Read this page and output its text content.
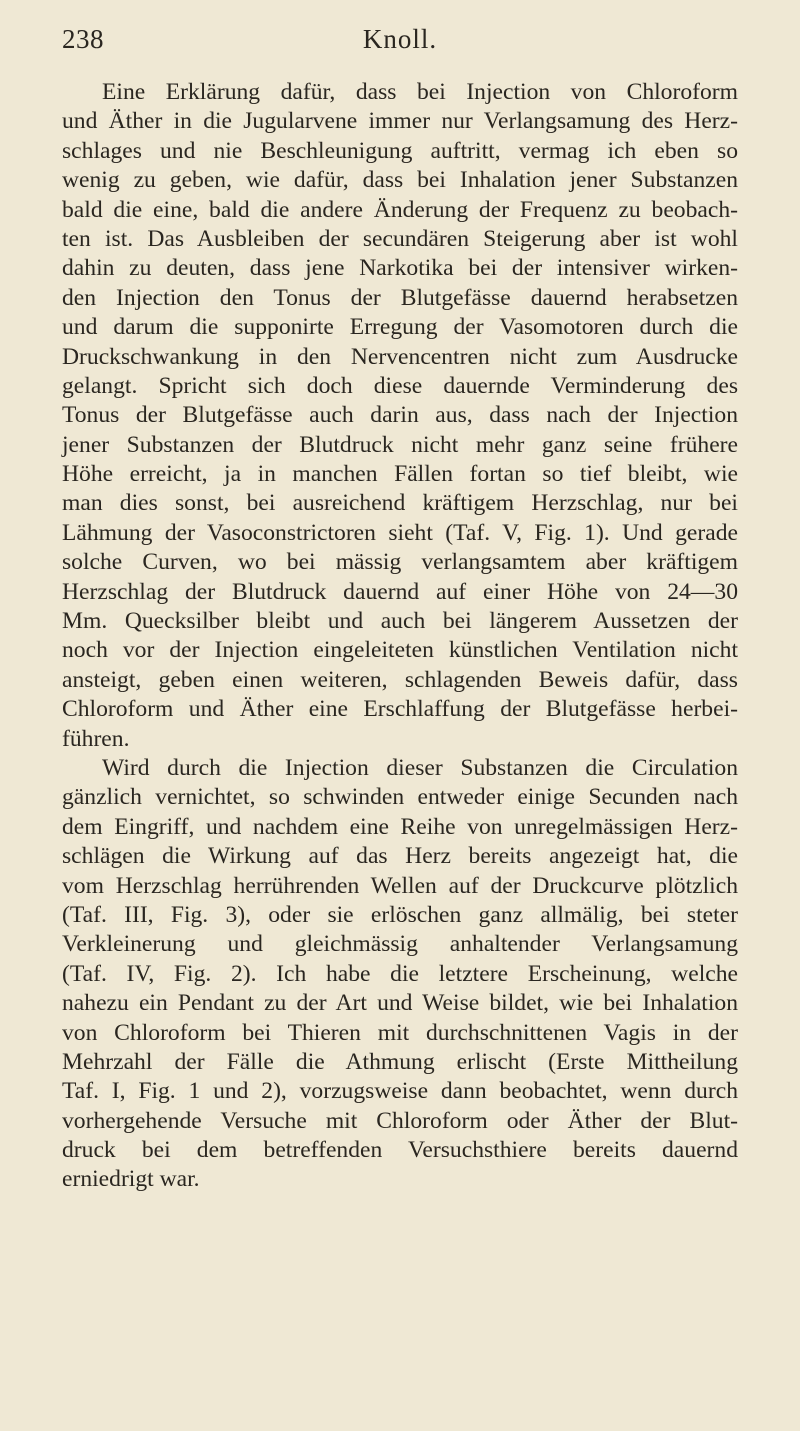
238	Knoll.
Eine Erklärung dafür, dass bei Injection von Chloroform
und Äther in die Jugularvene immer nur Verlangsamung des Herz-
schlages und nie Beschleunigung auftritt, vermag ich eben so
wenig zu geben, wie dafür, dass bei Inhalation jener Substanzen
bald die eine, bald die andere Änderung der Frequenz zu beobach-
ten ist. Das Ausbleiben der secundären Steigerung aber ist wohl
dahin zu deuten, dass jene Narkotika bei der intensiver wirken-
den Injection den Tonus der Blutgefässe dauernd herabsetzen
und darum die supponirte Erregung der Vasomotoren durch die
Druckschwankung in den Nervencentren nicht zum Ausdrucke
gelangt. Spricht sich doch diese dauernde Verminderung des
Tonus der Blutgefässe auch darin aus, dass nach der Injection
jener Substanzen der Blutdruck nicht mehr ganz seine frühere
Höhe erreicht, ja in manchen Fällen fortan so tief bleibt, wie
man dies sonst, bei ausreichend kräftigem Herzschlag, nur bei
Lähmung der Vasoconstrictoren sieht (Taf. V, Fig. 1). Und gerade
solche Curven, wo bei mässig verlangsamtem aber kräftigem
Herzschlag der Blutdruck dauernd auf einer Höhe von 24—30
Mm. Quecksilber bleibt und auch bei längerem Aussetzen der
noch vor der Injection eingeleiteten künstlichen Ventilation nicht
ansteigt, geben einen weiteren, schlagenden Beweis dafür, dass
Chloroform und Äther eine Erschlaffung der Blutgefässe herbei-
führen.
Wird durch die Injection dieser Substanzen die Circulation
gänzlich vernichtet, so schwinden entweder einige Secunden nach
dem Eingriff, und nachdem eine Reihe von unregelmässigen Herz-
schlägen die Wirkung auf das Herz bereits angezeigt hat, die
vom Herzschlag herrührenden Wellen auf der Druckcurve plötzlich
(Taf. III, Fig. 3), oder sie erlöschen ganz allmälig, bei steter
Verkleinerung und gleichmässig anhaltender Verlangsamung
(Taf. IV, Fig. 2). Ich habe die letztere Erscheinung, welche
nahezu ein Pendant zu der Art und Weise bildet, wie bei Inhalation
von Chloroform bei Thieren mit durchschnittenen Vagis in der
Mehrzahl der Fälle die Athmung erlischt (Erste Mittheilung
Taf. I, Fig. 1 und 2), vorzugsweise dann beobachtet, wenn durch
vorhergehende Versuche mit Chloroform oder Äther der Blut-
druck bei dem betreffenden Versuchsthiere bereits dauernd
erniedrigt war.
